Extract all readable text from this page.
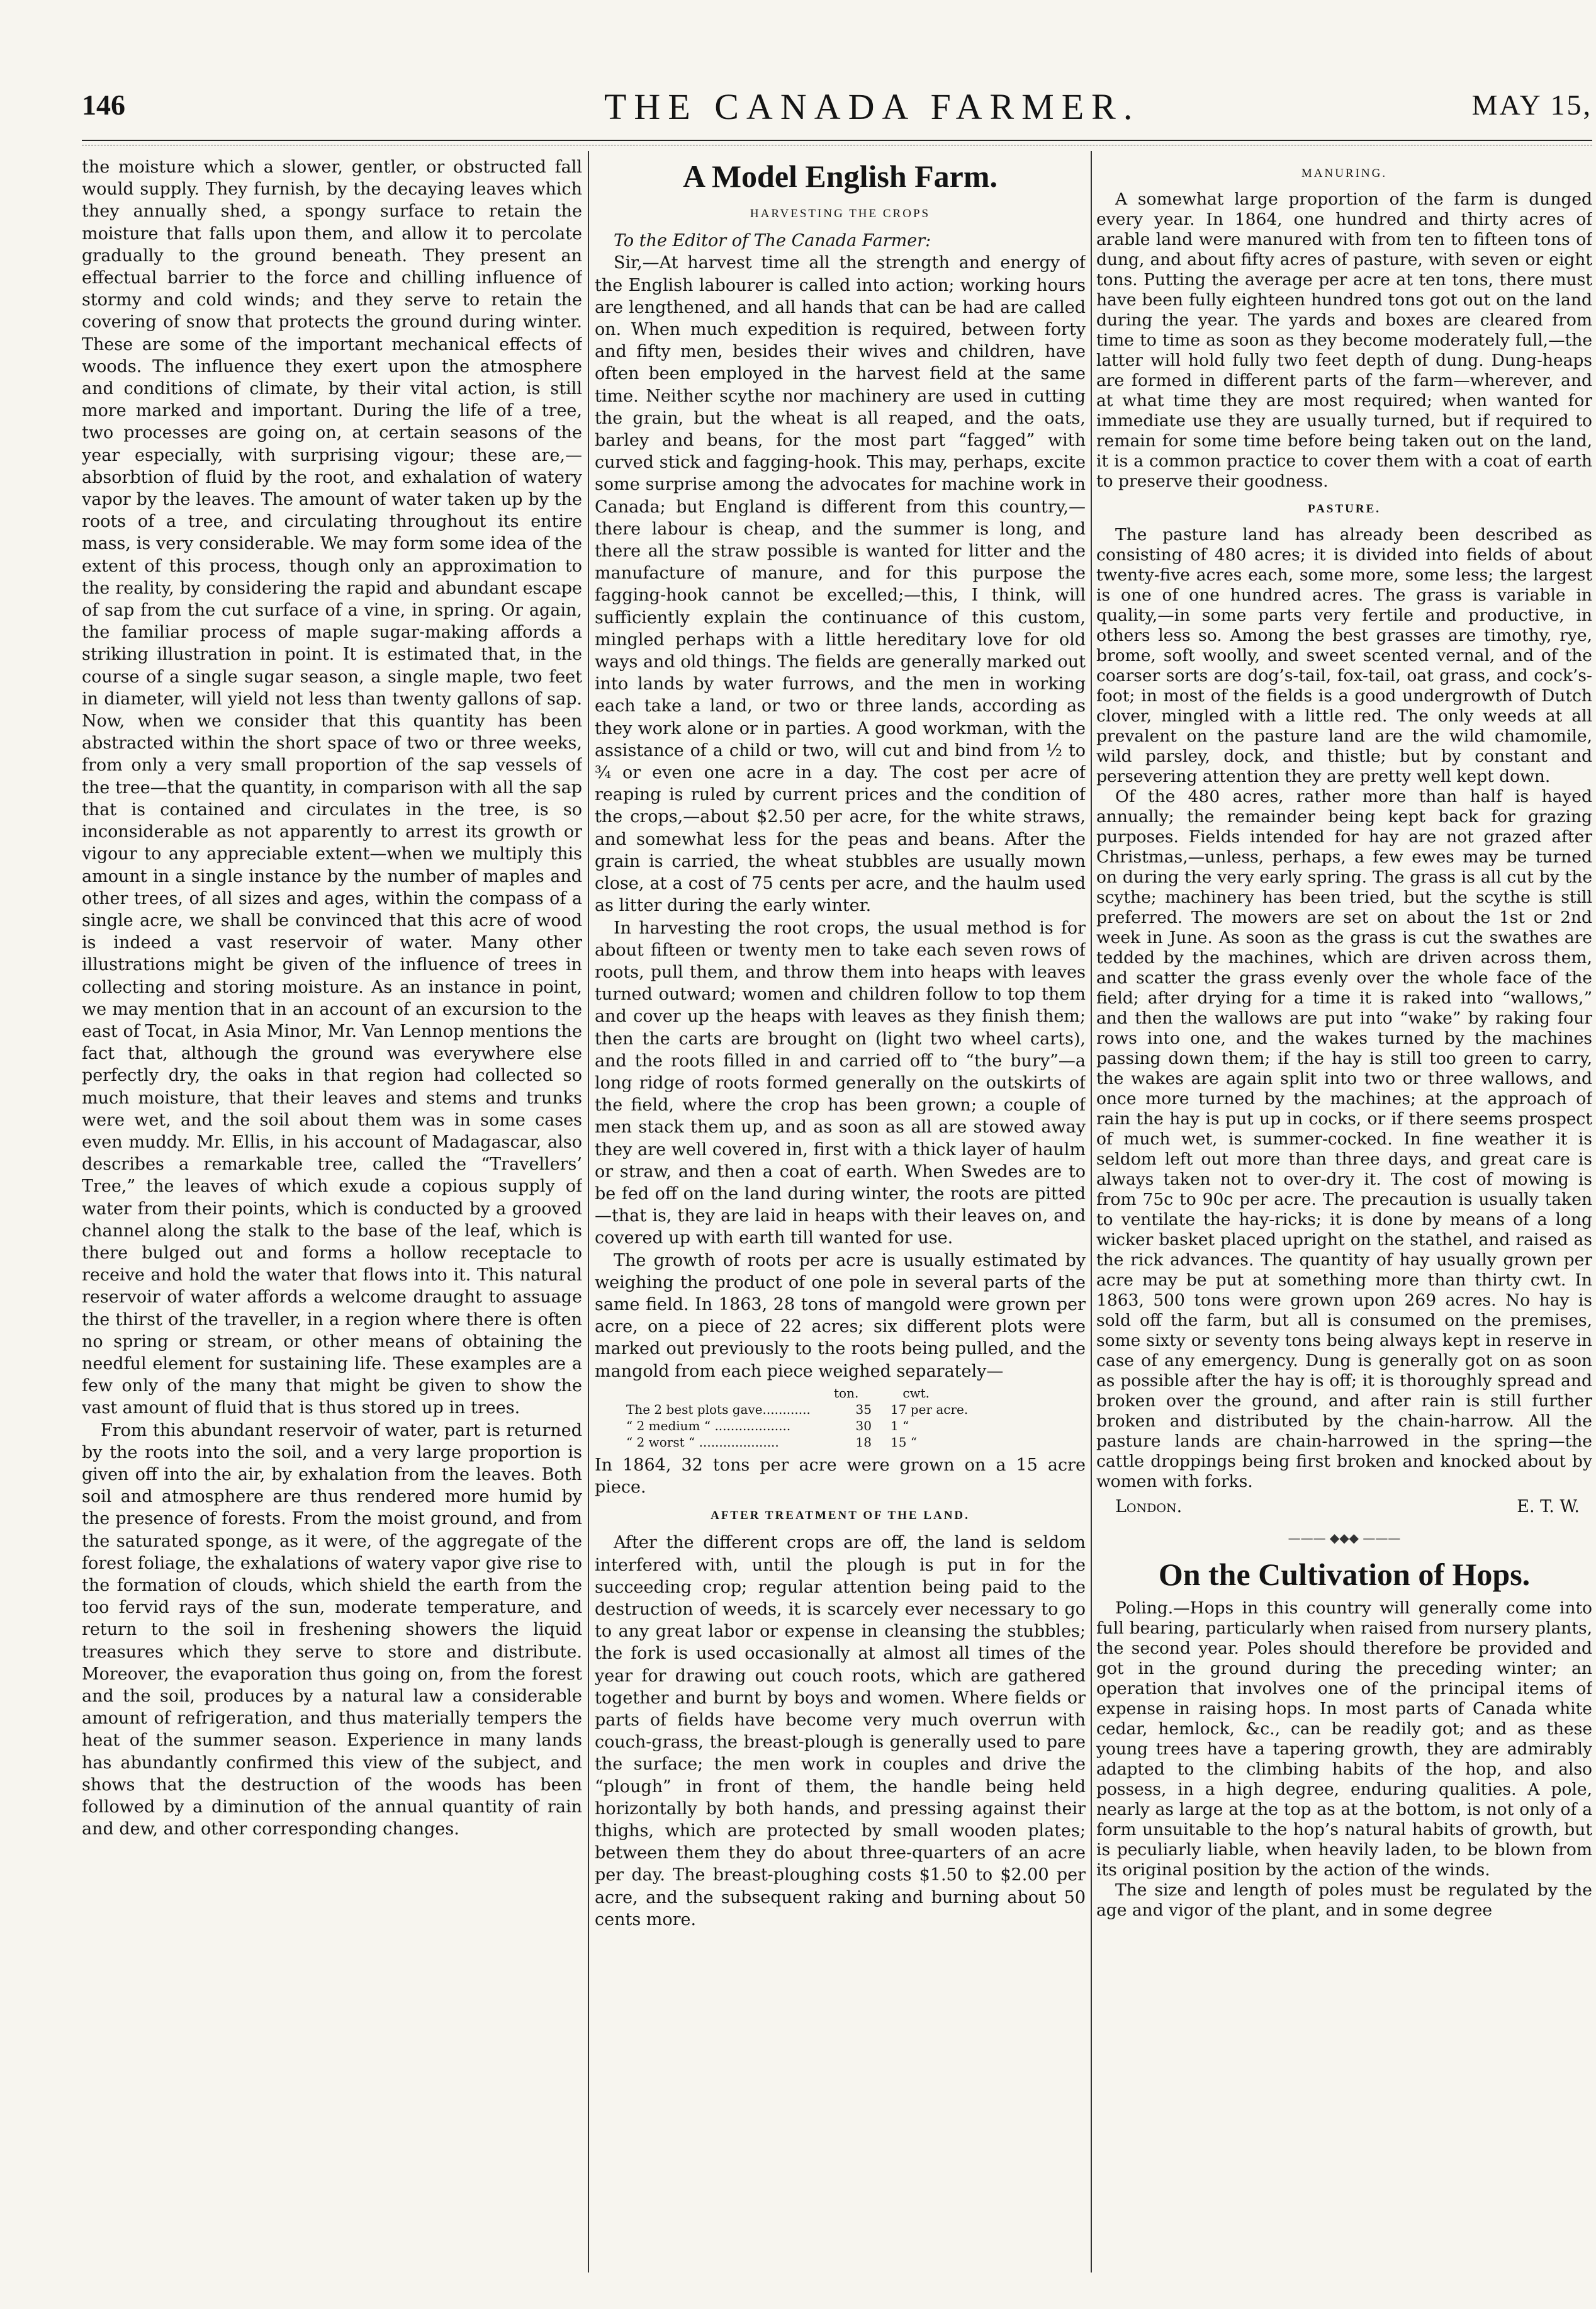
146	THE CANADA FARMER.	MAY 15,

the moisture which a slower, gentler, or obstructed fall would supply. They furnish, by the decaying leaves which they annually shed, a spongy surface to retain the moisture that falls upon them, and allow it to percolate gradually to the ground beneath. They present an effectual barrier to the force and chilling influence of stormy and cold winds; and they serve to retain the covering of snow that protects the ground during winter. These are some of the important mechanical effects of woods. The influence they exert upon the atmosphere and conditions of climate, by their vital action, is still more marked and important. During the life of a tree, two processes are going on, at certain seasons of the year especially, with surprising vigour; these are,—absorbtion of fluid by the root, and exhalation of watery vapor by the leaves. The amount of water taken up by the roots of a tree, and circulating throughout its entire mass, is very considerable. We may form some idea of the extent of this process, though only an approximation to the reality, by considering the rapid and abundant escape of sap from the cut surface of a vine, in spring. Or again, the familiar process of maple sugar-making affords a striking illustration in point. It is estimated that, in the course of a single sugar season, a single maple, two feet in diameter, will yield not less than twenty gallons of sap. Now, when we consider that this quantity has been abstracted within the short space of two or three weeks, from only a very small proportion of the sap vessels of the tree—that the quantity, in comparison with all the sap that is contained and circulates in the tree, is so inconsiderable as not apparently to arrest its growth or vigour to any appreciable extent—when we multiply this amount in a single instance by the number of maples and other trees, of all sizes and ages, within the compass of a single acre, we shall be convinced that this acre of wood is indeed a vast reservoir of water. Many other illustrations might be given of the influence of trees in collecting and storing moisture. As an instance in point, we may mention that in an account of an excursion to the east of Tocat, in Asia Minor, Mr. Van Lennop mentions the fact that, although the ground was everywhere else perfectly dry, the oaks in that region had collected so much moisture, that their leaves and stems and trunks were wet, and the soil about them was in some cases even muddy. Mr. Ellis, in his account of Madagascar, also describes a remarkable tree, called the “Travellers’ Tree,” the leaves of which exude a copious supply of water from their points, which is conducted by a grooved channel along the stalk to the base of the leaf, which is there bulged out and forms a hollow receptacle to receive and hold the water that flows into it. This natural reservoir of water affords a welcome draught to assuage the thirst of the traveller, in a region where there is often no spring or stream, or other means of obtaining the needful element for sustaining life. These examples are a few only of the many that might be given to show the vast amount of fluid that is thus stored up in trees.

From this abundant reservoir of water, part is returned by the roots into the soil, and a very large proportion is given off into the air, by exhalation from the leaves. Both soil and atmosphere are thus rendered more humid by the presence of forests. From the moist ground, and from the saturated sponge, as it were, of the aggregate of the forest foliage, the exhalations of watery vapor give rise to the formation of clouds, which shield the earth from the too fervid rays of the sun, moderate temperature, and return to the soil in freshening showers the liquid treasures which they serve to store and distribute. Moreover, the evaporation thus going on, from the forest and the soil, produces by a natural law a considerable amount of refrigeration, and thus materially tempers the heat of the summer season. Experience in many lands has abundantly confirmed this view of the subject, and shows that the destruction of the woods has been followed by a diminution of the annual quantity of rain and dew, and other corresponding changes.

A Model English Farm.
HARVESTING THE CROPS

To the Editor of The Canada Farmer:

Sir,—At harvest time all the strength and energy of the English labourer is called into action; working hours are lengthened, and all hands that can be had are called on. When much expedition is required, between forty and fifty men, besides their wives and children, have often been employed in the harvest field at the same time. Neither scythe nor machinery are used in cutting the grain, but the wheat is all reaped, and the oats, barley and beans, for the most part “fagged” with curved stick and fagging-hook. This may, perhaps, excite some surprise among the advocates for machine work in Canada; but England is different from this country,—there labour is cheap, and the summer is long, and there all the straw possible is wanted for litter and the manufacture of manure, and for this purpose the fagging-hook cannot be excelled;—this, I think, will sufficiently explain the continuance of this custom, mingled perhaps with a little hereditary love for old ways and old things. The fields are generally marked out into lands by water furrows, and the men in working each take a land, or two or three lands, according as they work alone or in parties. A good workman, with the assistance of a child or two, will cut and bind from ½ to ¾ or even one acre in a day. The cost per acre of reaping is ruled by current prices and the condition of the crops,—about $2.50 per acre, for the white straws, and somewhat less for the peas and beans. After the grain is carried, the wheat stubbles are usually mown close, at a cost of 75 cents per acre, and the haulm used as litter during the early winter.

In harvesting the root crops, the usual method is for about fifteen or twenty men to take each seven rows of roots, pull them, and throw them into heaps with leaves turned outward; women and children follow to top them and cover up the heaps with leaves as they finish them; then the carts are brought on (light two wheel carts), and the roots filled in and carried off to “the bury”—a long ridge of roots formed generally on the outskirts of the field, where the crop has been grown; a couple of men stack them up, and as soon as all are stowed away they are well covered in, first with a thick layer of haulm or straw, and then a coat of earth. When Swedes are to be fed off on the land during winter, the roots are pitted—that is, they are laid in heaps with their leaves on, and covered up with earth till wanted for use.

The growth of roots per acre is usually estimated by weighing the product of one pole in several parts of the same field. In 1863, 28 tons of mangold were grown per acre, on a piece of 22 acres; six different plots were marked out previously to the roots being pulled, and the mangold from each piece weighed separately—

ton.	cwt.
The 2 best plots gave............	35	17 per acre.
“ 2 medium “ ...................	30	1 “
“ 2 worst “ ....................	18	15 “

In 1864, 32 tons per acre were grown on a 15 acre piece.

AFTER TREATMENT OF THE LAND.

After the different crops are off, the land is seldom interfered with, until the plough is put in for the succeeding crop; regular attention being paid to the destruction of weeds, it is scarcely ever necessary to go to any great labor or expense in cleansing the stubbles; the fork is used occasionally at almost all times of the year for drawing out couch roots, which are gathered together and burnt by boys and women. Where fields or parts of fields have become very much overrun with couch-grass, the breast-plough is generally used to pare the surface; the men work in couples and drive the “plough” in front of them, the handle being held horizontally by both hands, and pressing against their thighs, which are protected by small wooden plates; between them they do about three-quarters of an acre per day. The breast-ploughing costs $1.50 to $2.00 per acre, and the subsequent raking and burning about 50 cents more.

MANURING.

A somewhat large proportion of the farm is dunged every year. In 1864, one hundred and thirty acres of arable land were manured with from ten to fifteen tons of dung, and about fifty acres of pasture, with seven or eight tons. Putting the average per acre at ten tons, there must have been fully eighteen hundred tons got out on the land during the year. The yards and boxes are cleared from time to time as soon as they become moderately full,—the latter will hold fully two feet depth of dung. Dung-heaps are formed in different parts of the farm—wherever, and at what time they are most required; when wanted for immediate use they are usually turned, but if required to remain for some time before being taken out on the land, it is a common practice to cover them with a coat of earth to preserve their goodness.

PASTURE.

The pasture land has already been described as consisting of 480 acres; it is divided into fields of about twenty-five acres each, some more, some less; the largest is one of one hundred acres. The grass is variable in quality,—in some parts very fertile and productive, in others less so. Among the best grasses are timothy, rye, brome, soft woolly, and sweet scented vernal, and of the coarser sorts are dog’s-tail, fox-tail, oat grass, and cock’s-foot; in most of the fields is a good undergrowth of Dutch clover, mingled with a little red. The only weeds at all prevalent on the pasture land are the wild chamomile, wild parsley, dock, and thistle; but by constant and persevering attention they are pretty well kept down.

Of the 480 acres, rather more than half is hayed annually; the remainder being kept back for grazing purposes. Fields intended for hay are not grazed after Christmas,—unless, perhaps, a few ewes may be turned on during the very early spring. The grass is all cut by the scythe; machinery has been tried, but the scythe is still preferred. The mowers are set on about the 1st or 2nd week in June. As soon as the grass is cut the swathes are tedded by the machines, which are driven across them, and scatter the grass evenly over the whole face of the field; after drying for a time it is raked into “wallows,” and then the wallows are put into “wake” by raking four rows into one, and the wakes turned by the machines passing down them; if the hay is still too green to carry, the wakes are again split into two or three wallows, and once more turned by the machines; at the approach of rain the hay is put up in cocks, or if there seems prospect of much wet, is summer-cocked. In fine weather it is seldom left out more than three days, and great care is always taken not to over-dry it. The cost of mowing is from 75c to 90c per acre. The precaution is usually taken to ventilate the hay-ricks; it is done by means of a long wicker basket placed upright on the stathel, and raised as the rick advances. The quantity of hay usually grown per acre may be put at something more than thirty cwt. In 1863, 500 tons were grown upon 269 acres. No hay is sold off the farm, but all is consumed on the premises, some sixty or seventy tons being always kept in reserve in case of any emergency. Dung is generally got on as soon as possible after the hay is off; it is thoroughly spread and broken over the ground, and after rain is still further broken and distributed by the chain-harrow. All the pasture lands are chain-harrowed in the spring—the cattle droppings being first broken and knocked about by women with forks.

London.	E. T. W.
——— ◆◆◆ ———
On the Cultivation of Hops.

Poling.—Hops in this country will generally come into full bearing, particularly when raised from nursery plants, the second year. Poles should therefore be provided and got in the ground during the preceding winter; an operation that involves one of the principal items of expense in raising hops. In most parts of Canada white cedar, hemlock, &c., can be readily got; and as these young trees have a tapering growth, they are admirably adapted to the climbing habits of the hop, and also possess, in a high degree, enduring qualities. A pole, nearly as large at the top as at the bottom, is not only of a form unsuitable to the hop’s natural habits of growth, but is peculiarly liable, when heavily laden, to be blown from its original position by the action of the winds.

The size and length of poles must be regulated by the age and vigor of the plant, and in some degree
